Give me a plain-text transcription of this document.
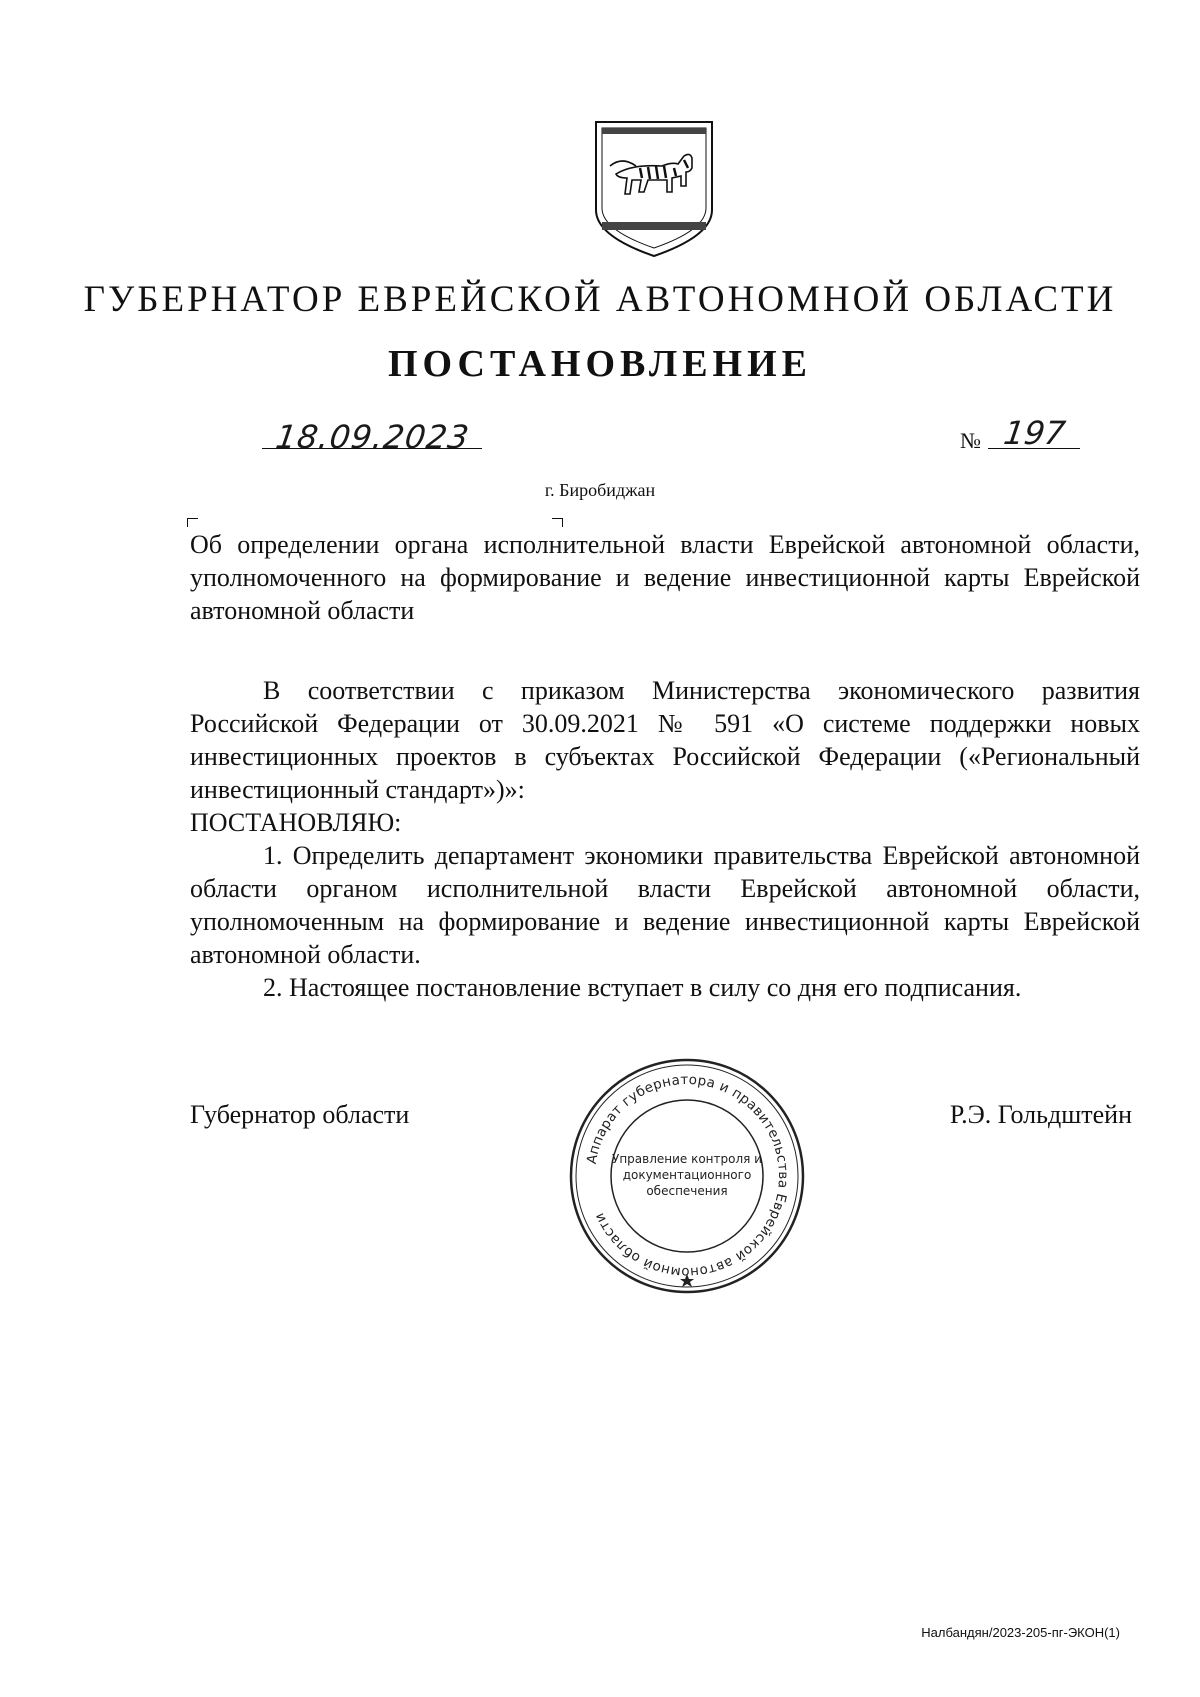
ГУБЕРНАТОР ЕВРЕЙСКОЙ АВТОНОМНОЙ ОБЛАСТИ
ПОСТАНОВЛЕНИЕ
18.09.2023	№ 197
г. Биробиджан
Об определении органа исполнительной власти Еврейской автономной области, уполномоченного на формирование и ведение инвестиционной карты Еврейской автономной области

В соответствии с приказом Министерства экономического развития Российской Федерации от 30.09.2021 № 591 «О системе поддержки новых инвестиционных проектов в субъектах Российской Федерации («Региональный инвестиционный стандарт»)»:

ПОСТАНОВЛЯЮ:

1. Определить департамент экономики правительства Еврейской автономной области органом исполнительной власти Еврейской автономной области, уполномоченным на формирование и ведение инвестиционной карты Еврейской автономной области.

2. Настоящее постановление вступает в силу со дня его подписания.

Губернатор области	Р.Э. Гольдштейн
Аппарат губернатора и правительства Еврейской автономной области
Управление контроля и
документационного
обеспечения
Налбандян/2023-205-пг-ЭКОН(1)
